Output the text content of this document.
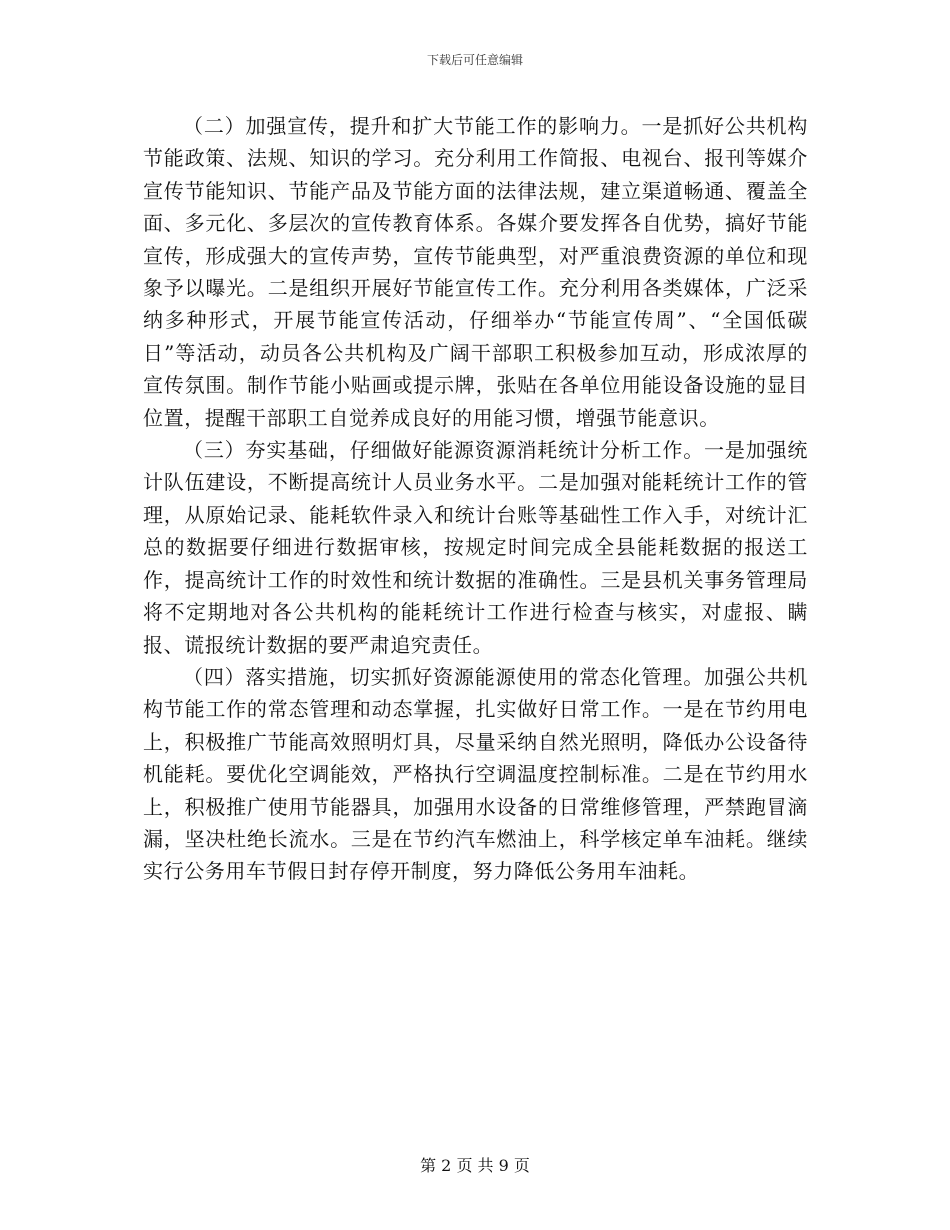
下载后可任意编辑

（二）加强宣传，提升和扩大节能工作的影响力。一是抓好公共机构节能政策、法规、知识的学习。充分利用工作简报、电视台、报刊等媒介宣传节能知识、节能产品及节能方面的法律法规，建立渠道畅通、覆盖全面、多元化、多层次的宣传教育体系。各媒介要发挥各自优势，搞好节能宣传，形成强大的宣传声势，宣传节能典型，对严重浪费资源的单位和现象予以曝光。二是组织开展好节能宣传工作。充分利用各类媒体，广泛采纳多种形式，开展节能宣传活动，仔细举办“节能宣传周”、“全国低碳日”等活动，动员各公共机构及广阔干部职工积极参加互动，形成浓厚的宣传氛围。制作节能小贴画或提示牌，张贴在各单位用能设备设施的显目位置，提醒干部职工自觉养成良好的用能习惯，增强节能意识。

（三）夯实基础，仔细做好能源资源消耗统计分析工作。一是加强统计队伍建设，不断提高统计人员业务水平。二是加强对能耗统计工作的管理，从原始记录、能耗软件录入和统计台账等基础性工作入手，对统计汇总的数据要仔细进行数据审核，按规定时间完成全县能耗数据的报送工作，提高统计工作的时效性和统计数据的准确性。三是县机关事务管理局将不定期地对各公共机构的能耗统计工作进行检查与核实，对虚报、瞒报、谎报统计数据的要严肃追究责任。

（四）落实措施，切实抓好资源能源使用的常态化管理。加强公共机构节能工作的常态管理和动态掌握，扎实做好日常工作。一是在节约用电上，积极推广节能高效照明灯具，尽量采纳自然光照明，降低办公设备待机能耗。要优化空调能效，严格执行空调温度控制标准。二是在节约用水上，积极推广使用节能器具，加强用水设备的日常维修管理，严禁跑冒滴漏，坚决杜绝长流水。三是在节约汽车燃油上，科学核定单车油耗。继续实行公务用车节假日封存停开制度，努力降低公务用车油耗。

第 2 页 共 9 页
